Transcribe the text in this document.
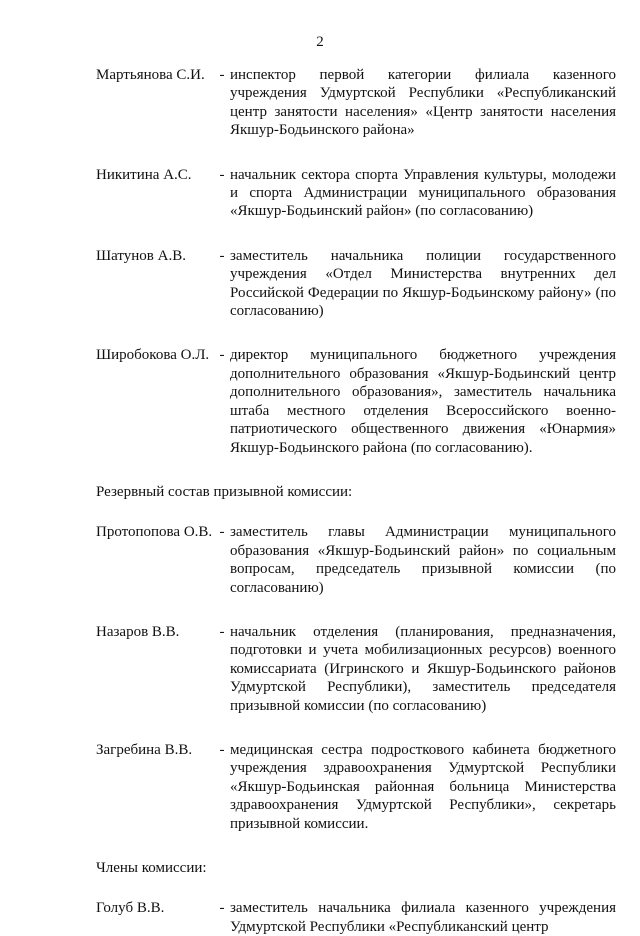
2
Мартьянова С.И. - инспектор первой категории филиала казенного учреждения Удмуртской Республики «Республиканский центр занятости населения» «Центр занятости населения Якшур-Бодьинского района»
Никитина А.С.	- начальник сектора спорта Управления культуры, молодежи и спорта Администрации муниципального образования «Якшур-Бодьинский район» (по согласованию)
Шатунов А.В.	- заместитель начальника полиции государственного учреждения «Отдел Министерства внутренних дел Российской Федерации по Якшур-Бодьинскому району» (по согласованию)
Широбокова О.Л. - директор муниципального бюджетного учреждения дополнительного образования «Якшур-Бодьинский центр дополнительного образования», заместитель начальника штаба местного отделения Всероссийского военно-патриотического общественного движения «Юнармия» Якшур-Бодьинского района (по согласованию).
Резервный состав призывной комиссии:
Протопопова О.В. - заместитель главы Администрации муниципального образования «Якшур-Бодьинский район» по социальным вопросам, председатель призывной комиссии (по согласованию)
Назаров В.В.	- начальник отделения (планирования, предназначения, подготовки и учета мобилизационных ресурсов) военного комиссариата (Игринского и Якшур-Бодьинского районов Удмуртской Республики), заместитель председателя призывной комиссии (по согласованию)
Загребина В.В.	- медицинская сестра подросткового кабинета бюджетного учреждения здравоохранения Удмуртской Республики «Якшур-Бодьинская районная больница Министерства здравоохранения Удмуртской Республики», секретарь призывной комиссии.
Члены комиссии:
Голуб В.В.	- заместитель начальника филиала казенного учреждения Удмуртской Республики «Республиканский центр
